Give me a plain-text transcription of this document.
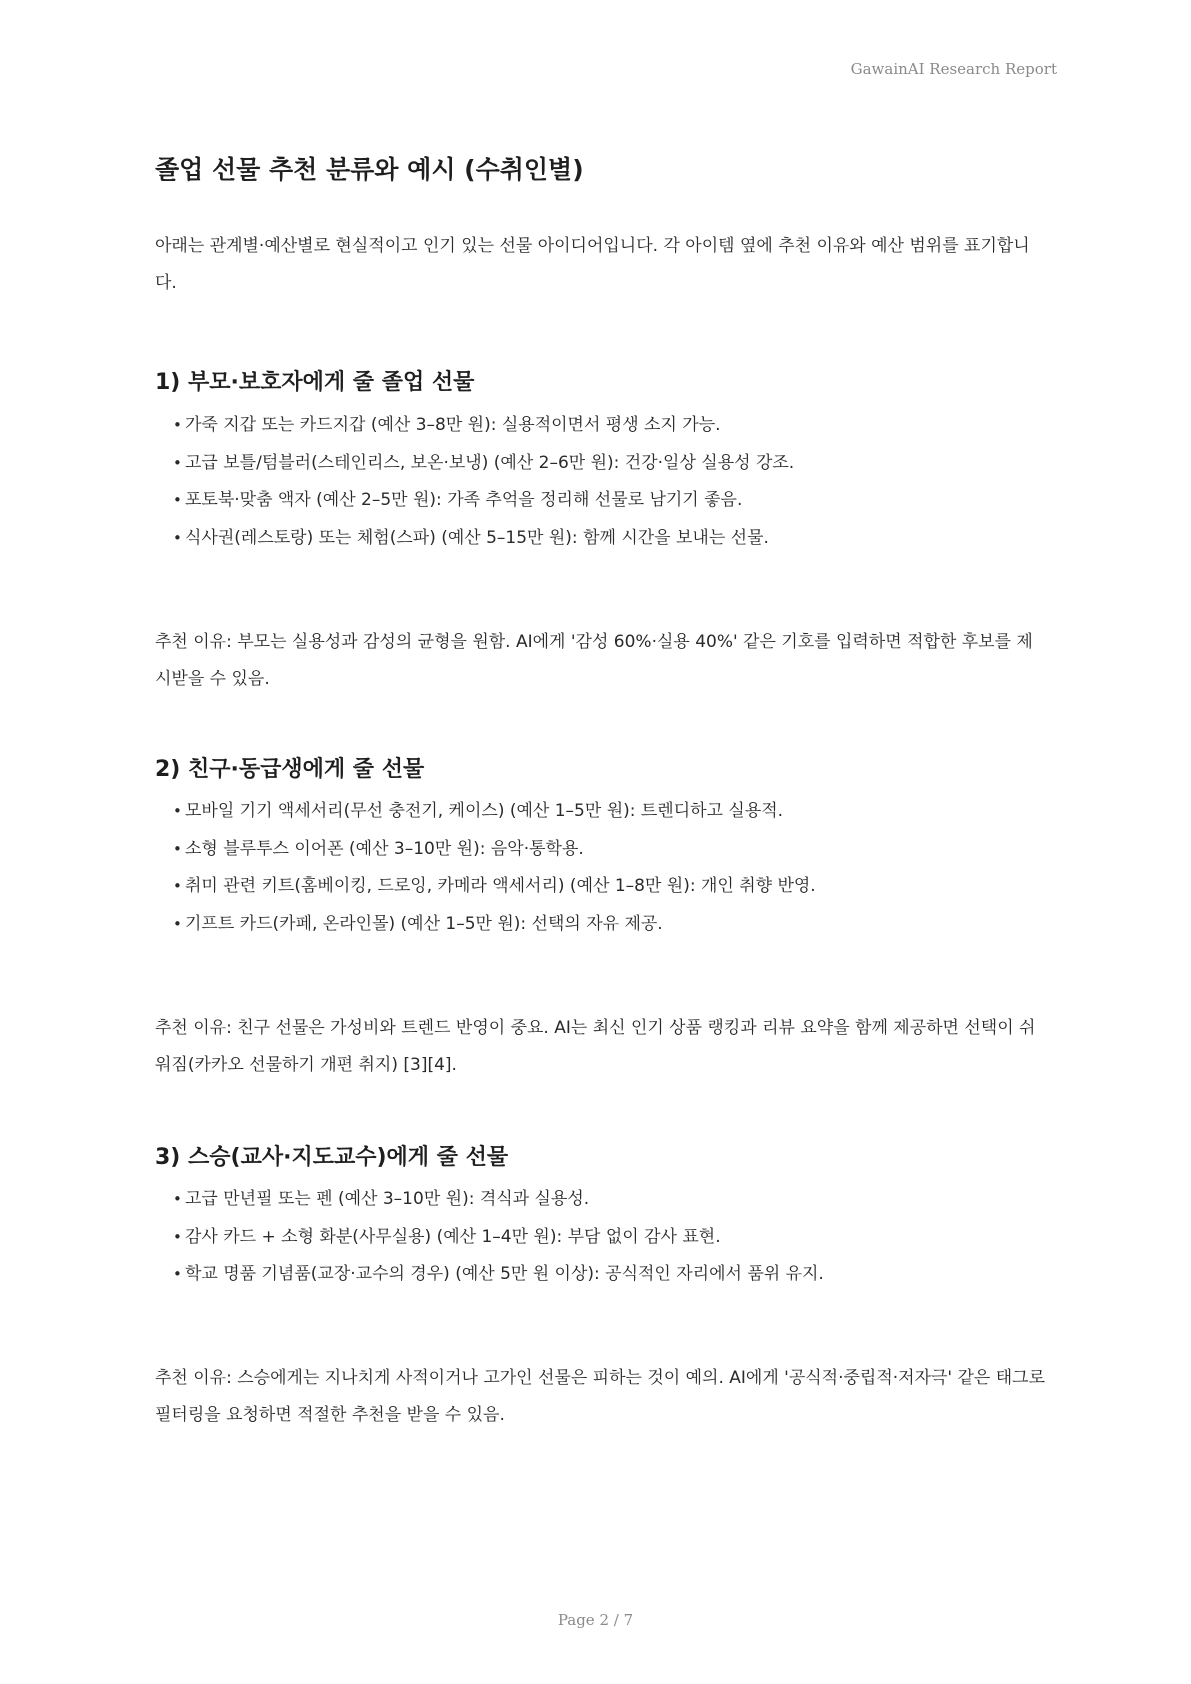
GawainAI Research Report
졸업 선물 추천 분류와 예시 (수취인별)

아래는 관계별·예산별로 현실적이고 인기 있는 선물 아이디어입니다. 각 아이템 옆에 추천 이유와 예산 범위를 표기합니다.

1) 부모·보호자에게 줄 졸업 선물
• 가죽 지갑 또는 카드지갑 (예산 3–8만 원): 실용적이면서 평생 소지 가능.
• 고급 보틀/텀블러(스테인리스, 보온·보냉) (예산 2–6만 원): 건강·일상 실용성 강조.
• 포토북·맞춤 액자 (예산 2–5만 원): 가족 추억을 정리해 선물로 남기기 좋음.
• 식사권(레스토랑) 또는 체험(스파) (예산 5–15만 원): 함께 시간을 보내는 선물.

추천 이유: 부모는 실용성과 감성의 균형을 원함. AI에게 '감성 60%·실용 40%' 같은 기호를 입력하면 적합한 후보를 제시받을 수 있음.

2) 친구·동급생에게 줄 선물
• 모바일 기기 액세서리(무선 충전기, 케이스) (예산 1–5만 원): 트렌디하고 실용적.
• 소형 블루투스 이어폰 (예산 3–10만 원): 음악·통학용.
• 취미 관련 키트(홈베이킹, 드로잉, 카메라 액세서리) (예산 1–8만 원): 개인 취향 반영.
• 기프트 카드(카페, 온라인몰) (예산 1–5만 원): 선택의 자유 제공.

추천 이유: 친구 선물은 가성비와 트렌드 반영이 중요. AI는 최신 인기 상품 랭킹과 리뷰 요약을 함께 제공하면 선택이 쉬워짐(카카오 선물하기 개편 취지) [3][4].

3) 스승(교사·지도교수)에게 줄 선물
• 고급 만년필 또는 펜 (예산 3–10만 원): 격식과 실용성.
• 감사 카드 + 소형 화분(사무실용) (예산 1–4만 원): 부담 없이 감사 표현.
• 학교 명품 기념품(교장·교수의 경우) (예산 5만 원 이상): 공식적인 자리에서 품위 유지.

추천 이유: 스승에게는 지나치게 사적이거나 고가인 선물은 피하는 것이 예의. AI에게 '공식적·중립적·저자극' 같은 태그로 필터링을 요청하면 적절한 추천을 받을 수 있음.

Page 2 / 7
